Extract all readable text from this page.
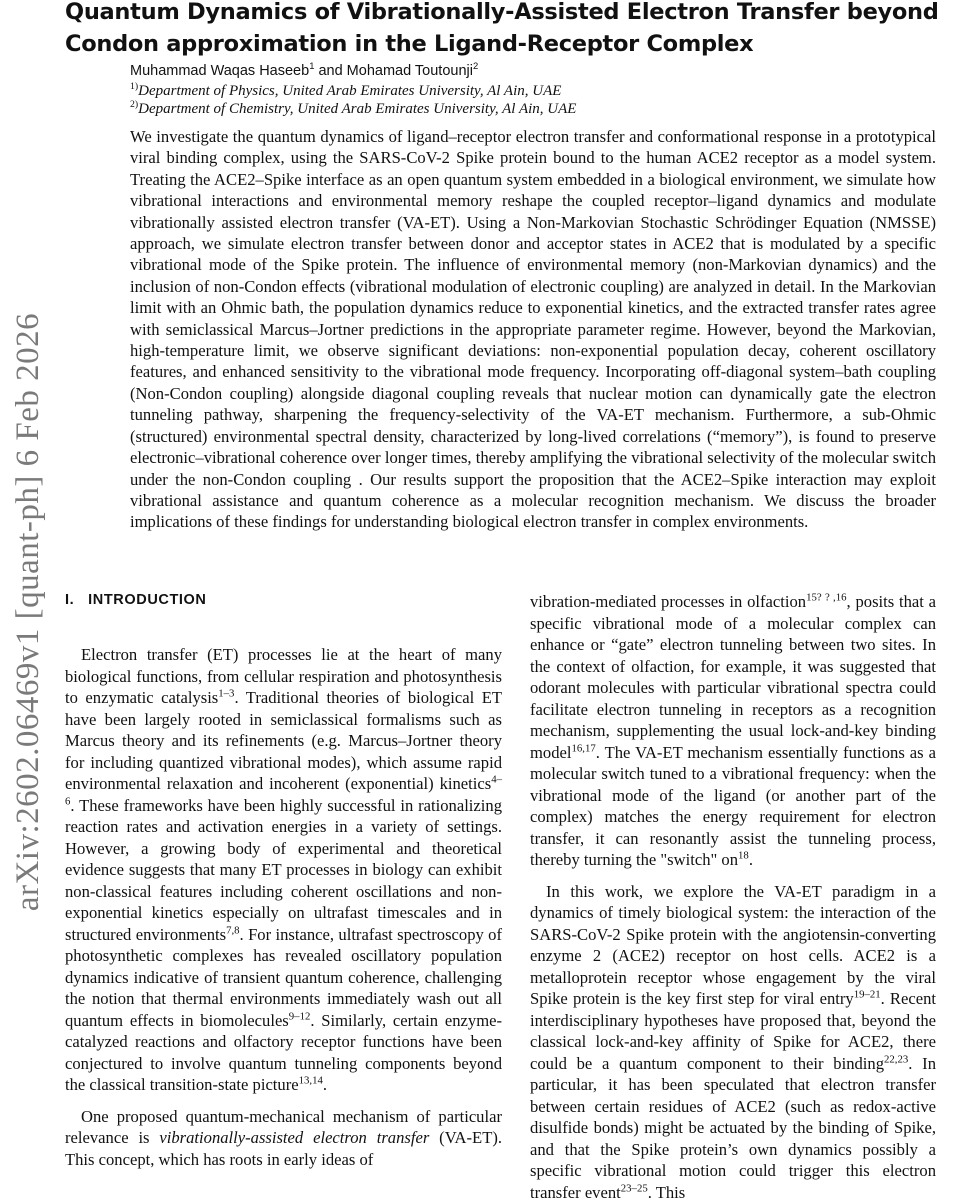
arXiv:2602.06469v1 [quant-ph] 6 Feb 2026
Quantum Dynamics of Vibrationally-Assisted Electron Transfer beyond Condon approximation in the Ligand-Receptor Complex
Muhammad Waqas Haseeb$^1$ and Mohamad Toutounji$^2$
$^{1)}$Department of Physics, United Arab Emirates University, Al Ain, UAE
$^{2)}$Department of Chemistry, United Arab Emirates University, Al Ain, UAE
We investigate the quantum dynamics of ligand–receptor electron transfer and conformational response in a prototypical viral binding complex, using the SARS-CoV-2 Spike protein bound to the human ACE2 receptor as a model system. Treating the ACE2–Spike interface as an open quantum system embedded in a biological environment, we simulate how vibrational interactions and environmental memory reshape the coupled receptor–ligand dynamics and modulate vibrationally assisted electron transfer (VA-ET). Using a Non-Markovian Stochastic Schrödinger Equation (NMSSE) approach, we simulate electron transfer between donor and acceptor states in ACE2 that is modulated by a specific vibrational mode of the Spike protein. The influence of environmental memory (non-Markovian dynamics) and the inclusion of non-Condon effects (vibrational modulation of electronic coupling) are analyzed in detail. In the Markovian limit with an Ohmic bath, the population dynamics reduce to exponential kinetics, and the extracted transfer rates agree with semiclassical Marcus–Jortner predictions in the appropriate parameter regime. However, beyond the Markovian, high-temperature limit, we observe significant deviations: non-exponential population decay, coherent oscillatory features, and enhanced sensitivity to the vibrational mode frequency. Incorporating off-diagonal system–bath coupling (Non-Condon coupling) alongside diagonal coupling reveals that nuclear motion can dynamically gate the electron tunneling pathway, sharpening the frequency-selectivity of the VA-ET mechanism. Furthermore, a sub-Ohmic (structured) environmental spectral density, characterized by long-lived correlations (“memory”), is found to preserve electronic–vibrational coherence over longer times, thereby amplifying the vibrational selectivity of the molecular switch under the non-Condon coupling . Our results support the proposition that the ACE2–Spike interaction may exploit vibrational assistance and quantum coherence as a molecular recognition mechanism. We discuss the broader implications of these findings for understanding biological electron transfer in complex environments.
I.   INTRODUCTION

Electron transfer (ET) processes lie at the heart of many biological functions, from cellular respiration and photosynthesis to enzymatic catalysis$^{1-3}$. Traditional theories of biological ET have been largely rooted in semiclassical formalisms such as Marcus theory and its refinements (e.g. Marcus–Jortner theory for including quantized vibrational modes), which assume rapid environmental relaxation and incoherent (exponential) kinetics$^{4-6}$. These frameworks have been highly successful in rationalizing reaction rates and activation energies in a variety of settings. However, a growing body of experimental and theoretical evidence suggests that many ET processes in biology can exhibit non-classical features including coherent oscillations and non-exponential kinetics especially on ultrafast timescales and in structured environments$^{7,8}$. For instance, ultrafast spectroscopy of photosynthetic complexes has revealed oscillatory population dynamics indicative of transient quantum coherence, challenging the notion that thermal environments immediately wash out all quantum effects in biomolecules$^{9-12}$. Similarly, certain enzyme-catalyzed reactions and olfactory receptor functions have been conjectured to involve quantum tunneling components beyond the classical transition-state picture$^{13,14}$.

One proposed quantum-mechanical mechanism of particular relevance is vibrationally-assisted electron transfer (VA-ET). This concept, which has roots in early ideas of

vibration-mediated processes in olfaction$^{15? ? ,16}$, posits that a specific vibrational mode of a molecular complex can enhance or “gate” electron tunneling between two sites. In the context of olfaction, for example, it was suggested that odorant molecules with particular vibrational spectra could facilitate electron tunneling in receptors as a recognition mechanism, supplementing the usual lock-and-key binding model$^{16,17}$. The VA-ET mechanism essentially functions as a molecular switch tuned to a vibrational frequency: when the vibrational mode of the ligand (or another part of the complex) matches the energy requirement for electron transfer, it can resonantly assist the tunneling process, thereby turning the "switch" $on^{18}$.

In this work, we explore the VA-ET paradigm in a dynamics of timely biological system: the interaction of the SARS-CoV-2 Spike protein with the angiotensin-converting enzyme 2 (ACE2) receptor on host cells. ACE2 is a metalloprotein receptor whose engagement by the viral Spike protein is the key first step for viral entry$^{19-21}$. Recent interdisciplinary hypotheses have proposed that, beyond the classical lock-and-key affinity of Spike for ACE2, there could be a quantum component to their binding$^{22,23}$. In particular, it has been speculated that electron transfer between certain residues of ACE2 (such as redox-active disulfide bonds) might be actuated by the binding of Spike, and that the Spike protein’s own dynamics possibly a specific vibrational motion could trigger this electron transfer event$^{23-25}$. This
